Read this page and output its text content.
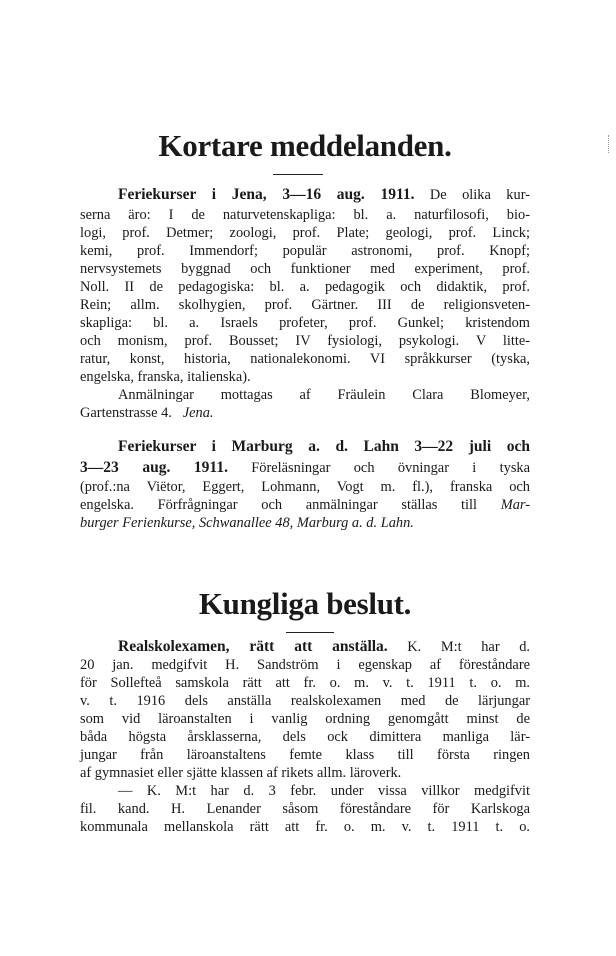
Kortare meddelanden.
Feriekurser i Jena, 3—16 aug. 1911. De olika kur-
serna äro: I de naturvetenskapliga: bl. a. naturfilosofi, bio-
logi, prof. Detmer; zoologi, prof. Plate; geologi, prof. Linck;
kemi, prof. Immendorf; populär astronomi, prof. Knopf;
nervsystemets byggnad och funktioner med experiment, prof.
Noll. II de pedagogiska: bl. a. pedagogik och didaktik, prof.
Rein; allm. skolhygien, prof. Gärtner. III de religionsveten-
skapliga: bl. a. Israels profeter, prof. Gunkel; kristendom
och monism, prof. Bousset; IV fysiologi, psykologi. V litte-
ratur, konst, historia, nationalekonomi. VI språkkurser (tyska,
engelska, franska, italienska).
Anmälningar mottagas af Fräulein Clara Blomeyer,
Gartenstrasse 4. Jena.
Feriekurser i Marburg a. d. Lahn 3—22 juli och
3—23 aug. 1911. Föreläsningar och övningar i tyska
(prof.:na Viëtor, Eggert, Lohmann, Vogt m. fl.), franska och
engelska. Förfrågningar och anmälningar ställas till Mar-
burger Ferienkurse, Schwanallee 48, Marburg a. d. Lahn.
Kungliga beslut.
Realskolexamen, rätt att anställa. K. M:t har d.
20 jan. medgifvit H. Sandström i egenskap af föreståndare
för Sollefteå samskola rätt att fr. o. m. v. t. 1911 t. o. m.
v. t. 1916 dels anställa realskolexamen med de lärjungar
som vid läroanstalten i vanlig ordning genomgått minst de
båda högsta årsklasserna, dels ock dimittera manliga lär-
jungar från läroanstaltens femte klass till första ringen
af gymnasiet eller sjätte klassen af rikets allm. läroverk.
— K. M:t har d. 3 febr. under vissa villkor medgifvit
fil. kand. H. Lenander såsom föreståndare för Karlskoga
kommunala mellanskola rätt att fr. o. m. v. t. 1911 t. o.
